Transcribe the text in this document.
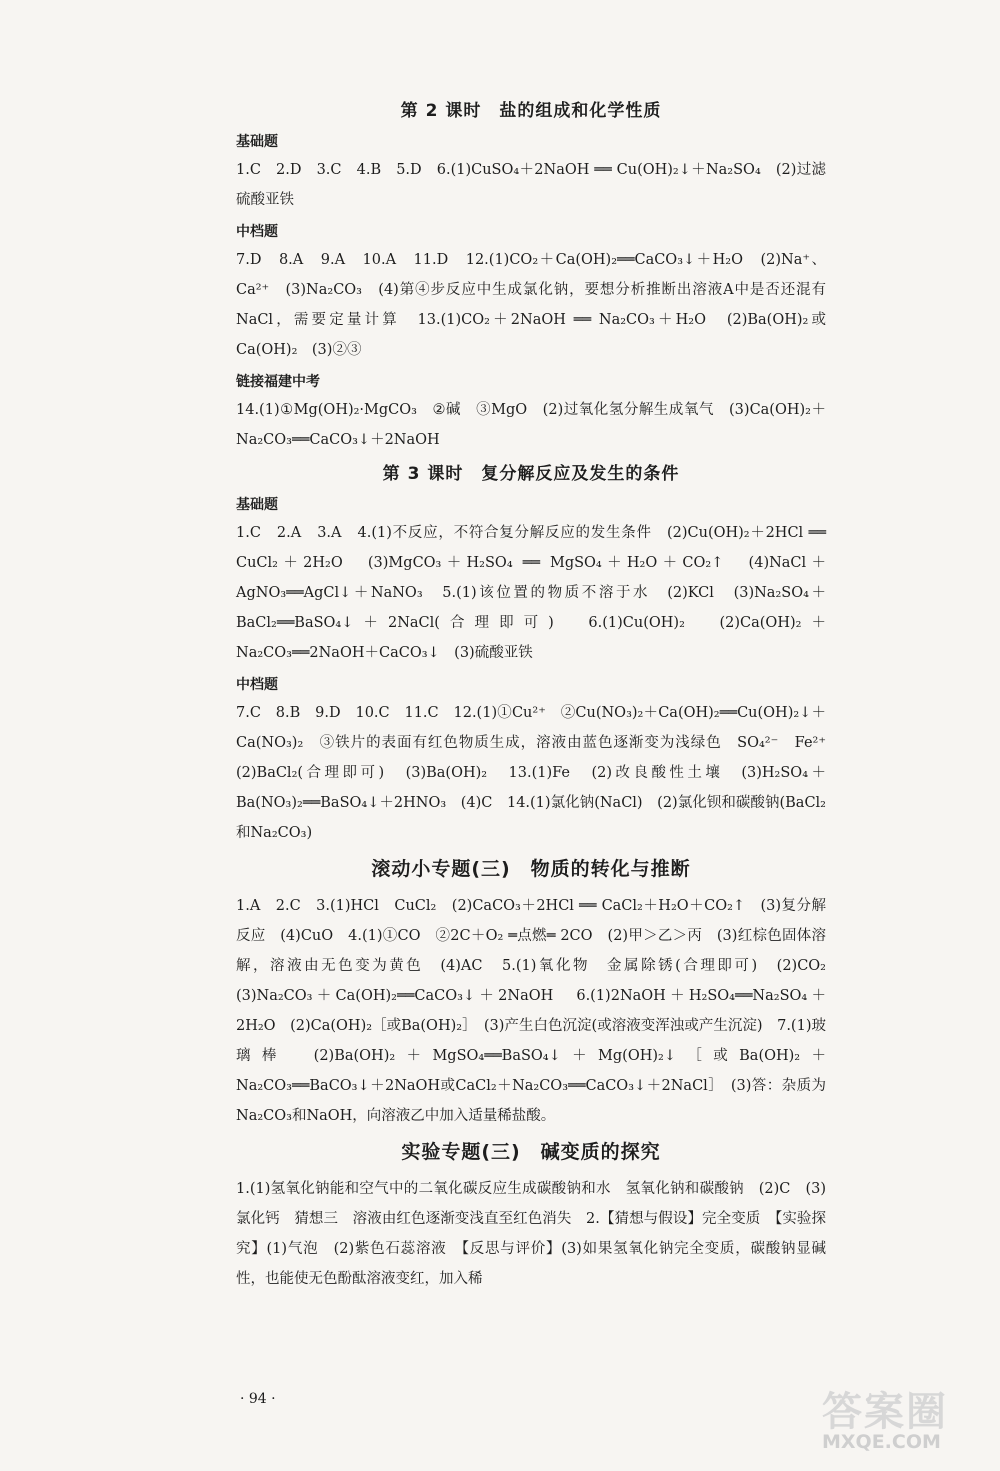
第 2 课时　盐的组成和化学性质
基础题

1.C　2.D　3.C　4.B　5.D　6.(1)CuSO₄＋2NaOH ══ Cu(OH)₂↓＋Na₂SO₄　(2)过滤　硫酸亚铁

中档题

7.D　8.A　9.A　10.A　11.D　12.(1)CO₂＋Ca(OH)₂══CaCO₃↓＋H₂O　(2)Na⁺、Ca²⁺　(3)Na₂CO₃　(4)第④步反应中生成氯化钠，要想分析推断出溶液A中是否还混有NaCl，需要定量计算　13.(1)CO₂＋2NaOH ══ Na₂CO₃＋H₂O　(2)Ba(OH)₂或Ca(OH)₂　(3)②③

链接福建中考

14.(1)①Mg(OH)₂·MgCO₃　②碱　③MgO　(2)过氧化氢分解生成氧气　(3)Ca(OH)₂＋Na₂CO₃══CaCO₃↓＋2NaOH

第 3 课时　复分解反应及发生的条件
基础题

1.C　2.A　3.A　4.(1)不反应，不符合复分解反应的发生条件　(2)Cu(OH)₂＋2HCl ══ CuCl₂＋2H₂O　(3)MgCO₃＋H₂SO₄ ══ MgSO₄＋H₂O＋CO₂↑　(4)NaCl＋AgNO₃══AgCl↓＋NaNO₃　5.(1)该位置的物质不溶于水　(2)KCl　(3)Na₂SO₄＋BaCl₂══BaSO₄↓＋2NaCl(合理即可)　6.(1)Cu(OH)₂　(2)Ca(OH)₂＋Na₂CO₃══2NaOH＋CaCO₃↓　(3)硫酸亚铁

中档题

7.C　8.B　9.D　10.C　11.C　12.(1)①Cu²⁺　②Cu(NO₃)₂＋Ca(OH)₂══Cu(OH)₂↓＋Ca(NO₃)₂　③铁片的表面有红色物质生成，溶液由蓝色逐渐变为浅绿色　SO₄²⁻　Fe²⁺　(2)BaCl₂(合理即可)　(3)Ba(OH)₂　13.(1)Fe　(2)改良酸性土壤　(3)H₂SO₄＋Ba(NO₃)₂══BaSO₄↓＋2HNO₃　(4)C　14.(1)氯化钠(NaCl)　(2)氯化钡和碳酸钠(BaCl₂和Na₂CO₃)

滚动小专题(三)　物质的转化与推断

1.A　2.C　3.(1)HCl　CuCl₂　(2)CaCO₃＋2HCl ══ CaCl₂＋H₂O＋CO₂↑　(3)复分解反应　(4)CuO　4.(1)①CO　②2C＋O₂ ═点燃═ 2CO　(2)甲＞乙＞丙　(3)红棕色固体溶解，溶液由无色变为黄色　(4)AC　5.(1)氧化物　金属除锈(合理即可)　(2)CO₂　(3)Na₂CO₃＋Ca(OH)₂══CaCO₃↓＋2NaOH　6.(1)2NaOH＋H₂SO₄══Na₂SO₄＋2H₂O　(2)Ca(OH)₂［或Ba(OH)₂］　(3)产生白色沉淀(或溶液变浑浊或产生沉淀)　7.(1)玻璃棒　(2)Ba(OH)₂＋MgSO₄══BaSO₄↓＋Mg(OH)₂↓［或Ba(OH)₂＋Na₂CO₃══BaCO₃↓＋2NaOH或CaCl₂＋Na₂CO₃══CaCO₃↓＋2NaCl］　(3)答：杂质为Na₂CO₃和NaOH，向溶液乙中加入适量稀盐酸。

实验专题(三)　碱变质的探究

1.(1)氢氧化钠能和空气中的二氧化碳反应生成碳酸钠和水　氢氧化钠和碳酸钠　(2)C　(3)氯化钙　猜想三　溶液由红色逐渐变浅直至红色消失　2.【猜想与假设】完全变质　【实验探究】(1)气泡　(2)紫色石蕊溶液　【反思与评价】(3)如果氢氧化钠完全变质，碳酸钠显碱性，也能使无色酚酞溶液变红，加入稀

· 94 ·	答案圈
MXQE.COM
